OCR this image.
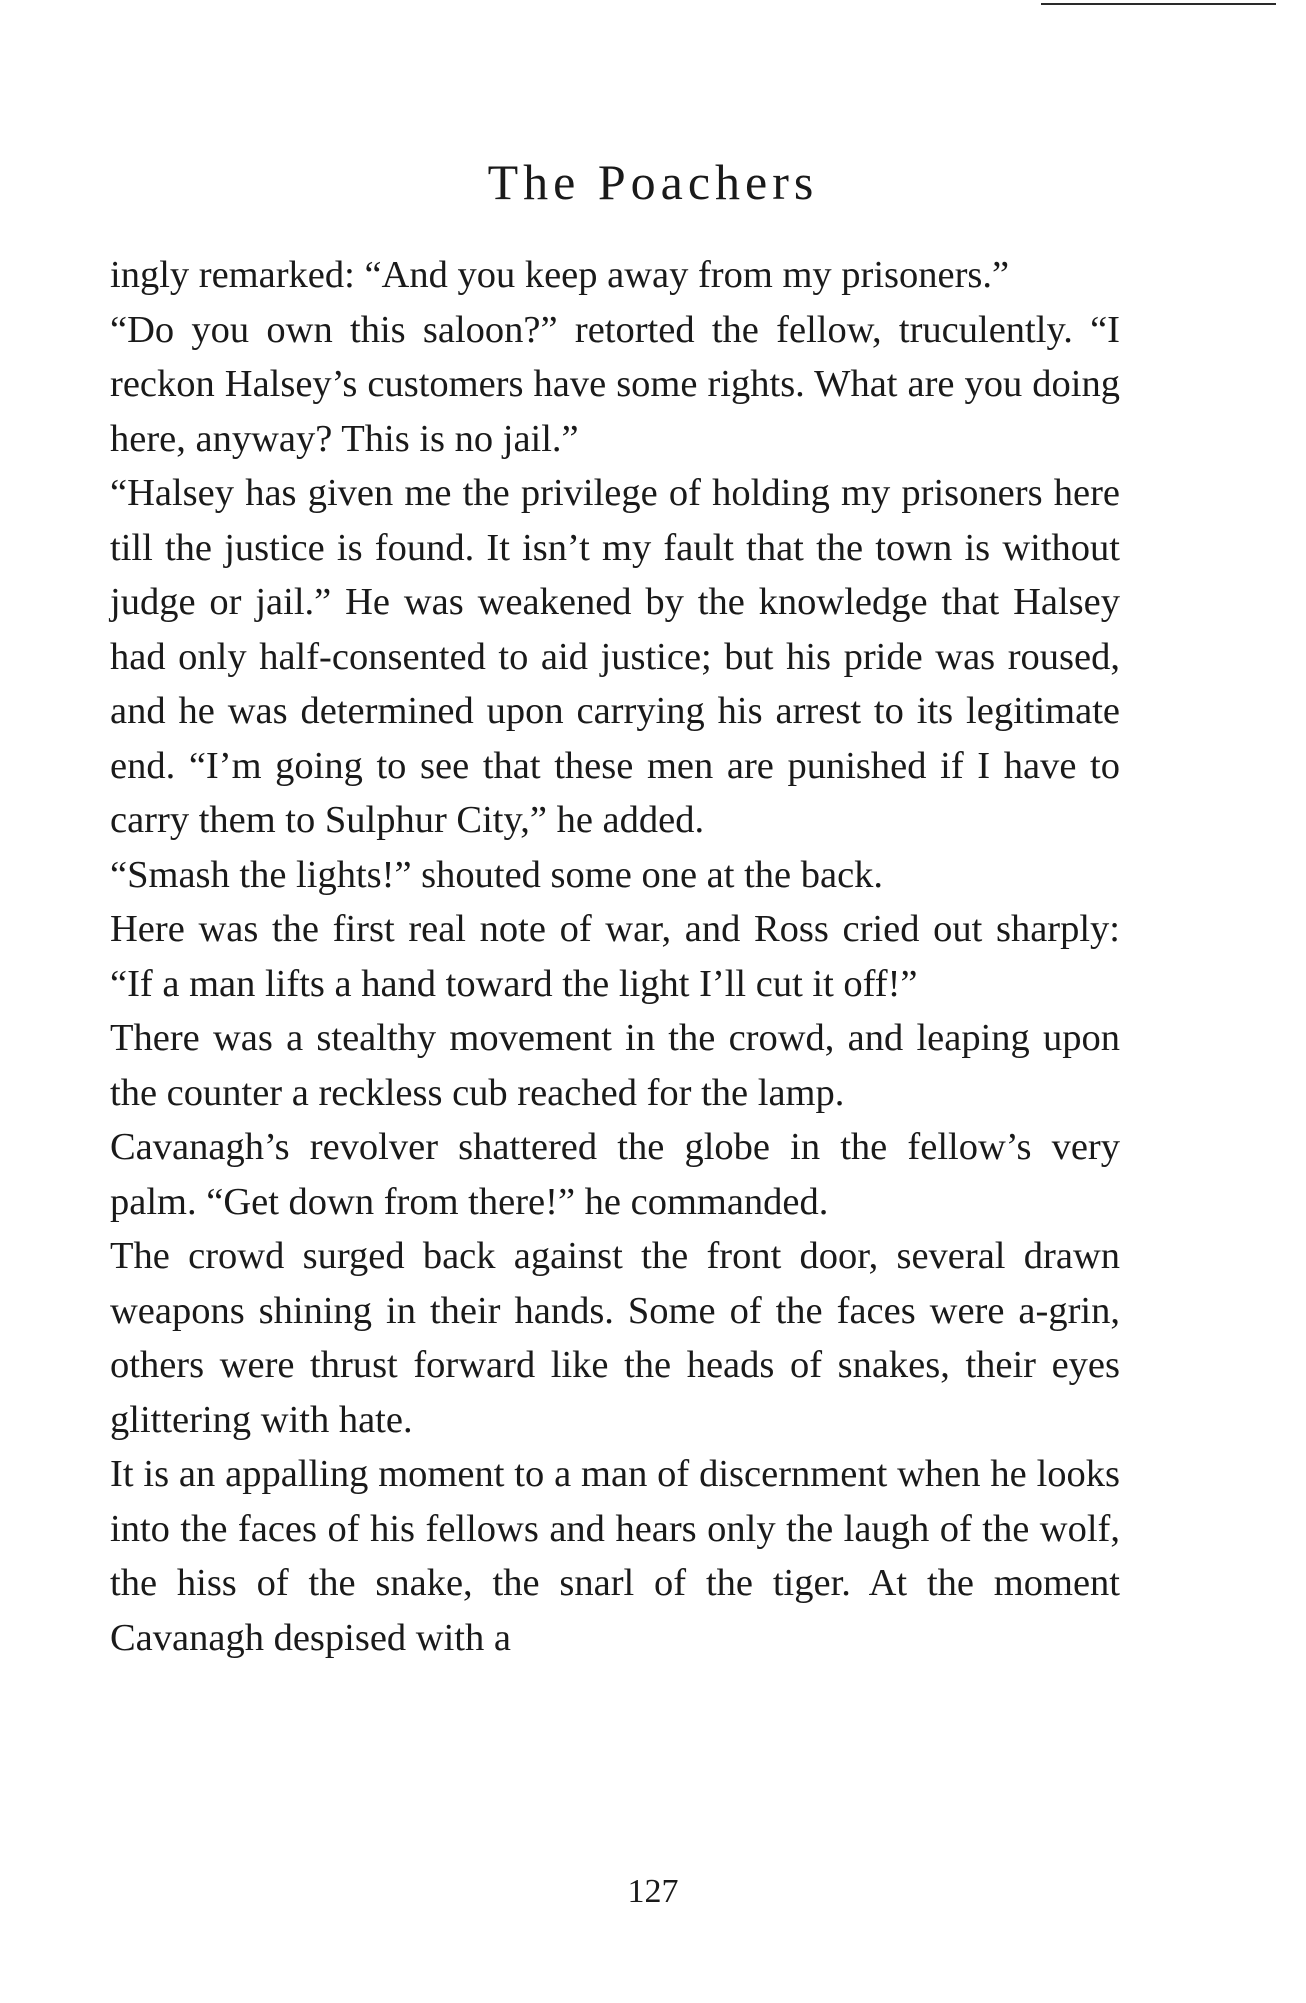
The Poachers

ingly remarked: “And you keep away from my prisoners.”

“Do you own this saloon?” retorted the fellow, truculently. “I reckon Halsey’s customers have some rights. What are you doing here, anyway? This is no jail.”

“Halsey has given me the privilege of holding my prisoners here till the justice is found. It isn’t my fault that the town is without judge or jail.” He was weakened by the knowledge that Halsey had only half-consented to aid justice; but his pride was roused, and he was determined upon carrying his arrest to its legitimate end. “I’m going to see that these men are punished if I have to carry them to Sulphur City,” he added.

“Smash the lights!” shouted some one at the back.

Here was the first real note of war, and Ross cried out sharply: “If a man lifts a hand toward the light I’ll cut it off!”

There was a stealthy movement in the crowd, and leaping upon the counter a reckless cub reached for the lamp.

Cavanagh’s revolver shattered the globe in the fellow’s very palm. “Get down from there!” he commanded.

The crowd surged back against the front door, several drawn weapons shining in their hands. Some of the faces were a-grin, others were thrust forward like the heads of snakes, their eyes glittering with hate.

It is an appalling moment to a man of discernment when he looks into the faces of his fellows and hears only the laugh of the wolf, the hiss of the snake, the snarl of the tiger. At the moment Cavanagh despised with a

127
